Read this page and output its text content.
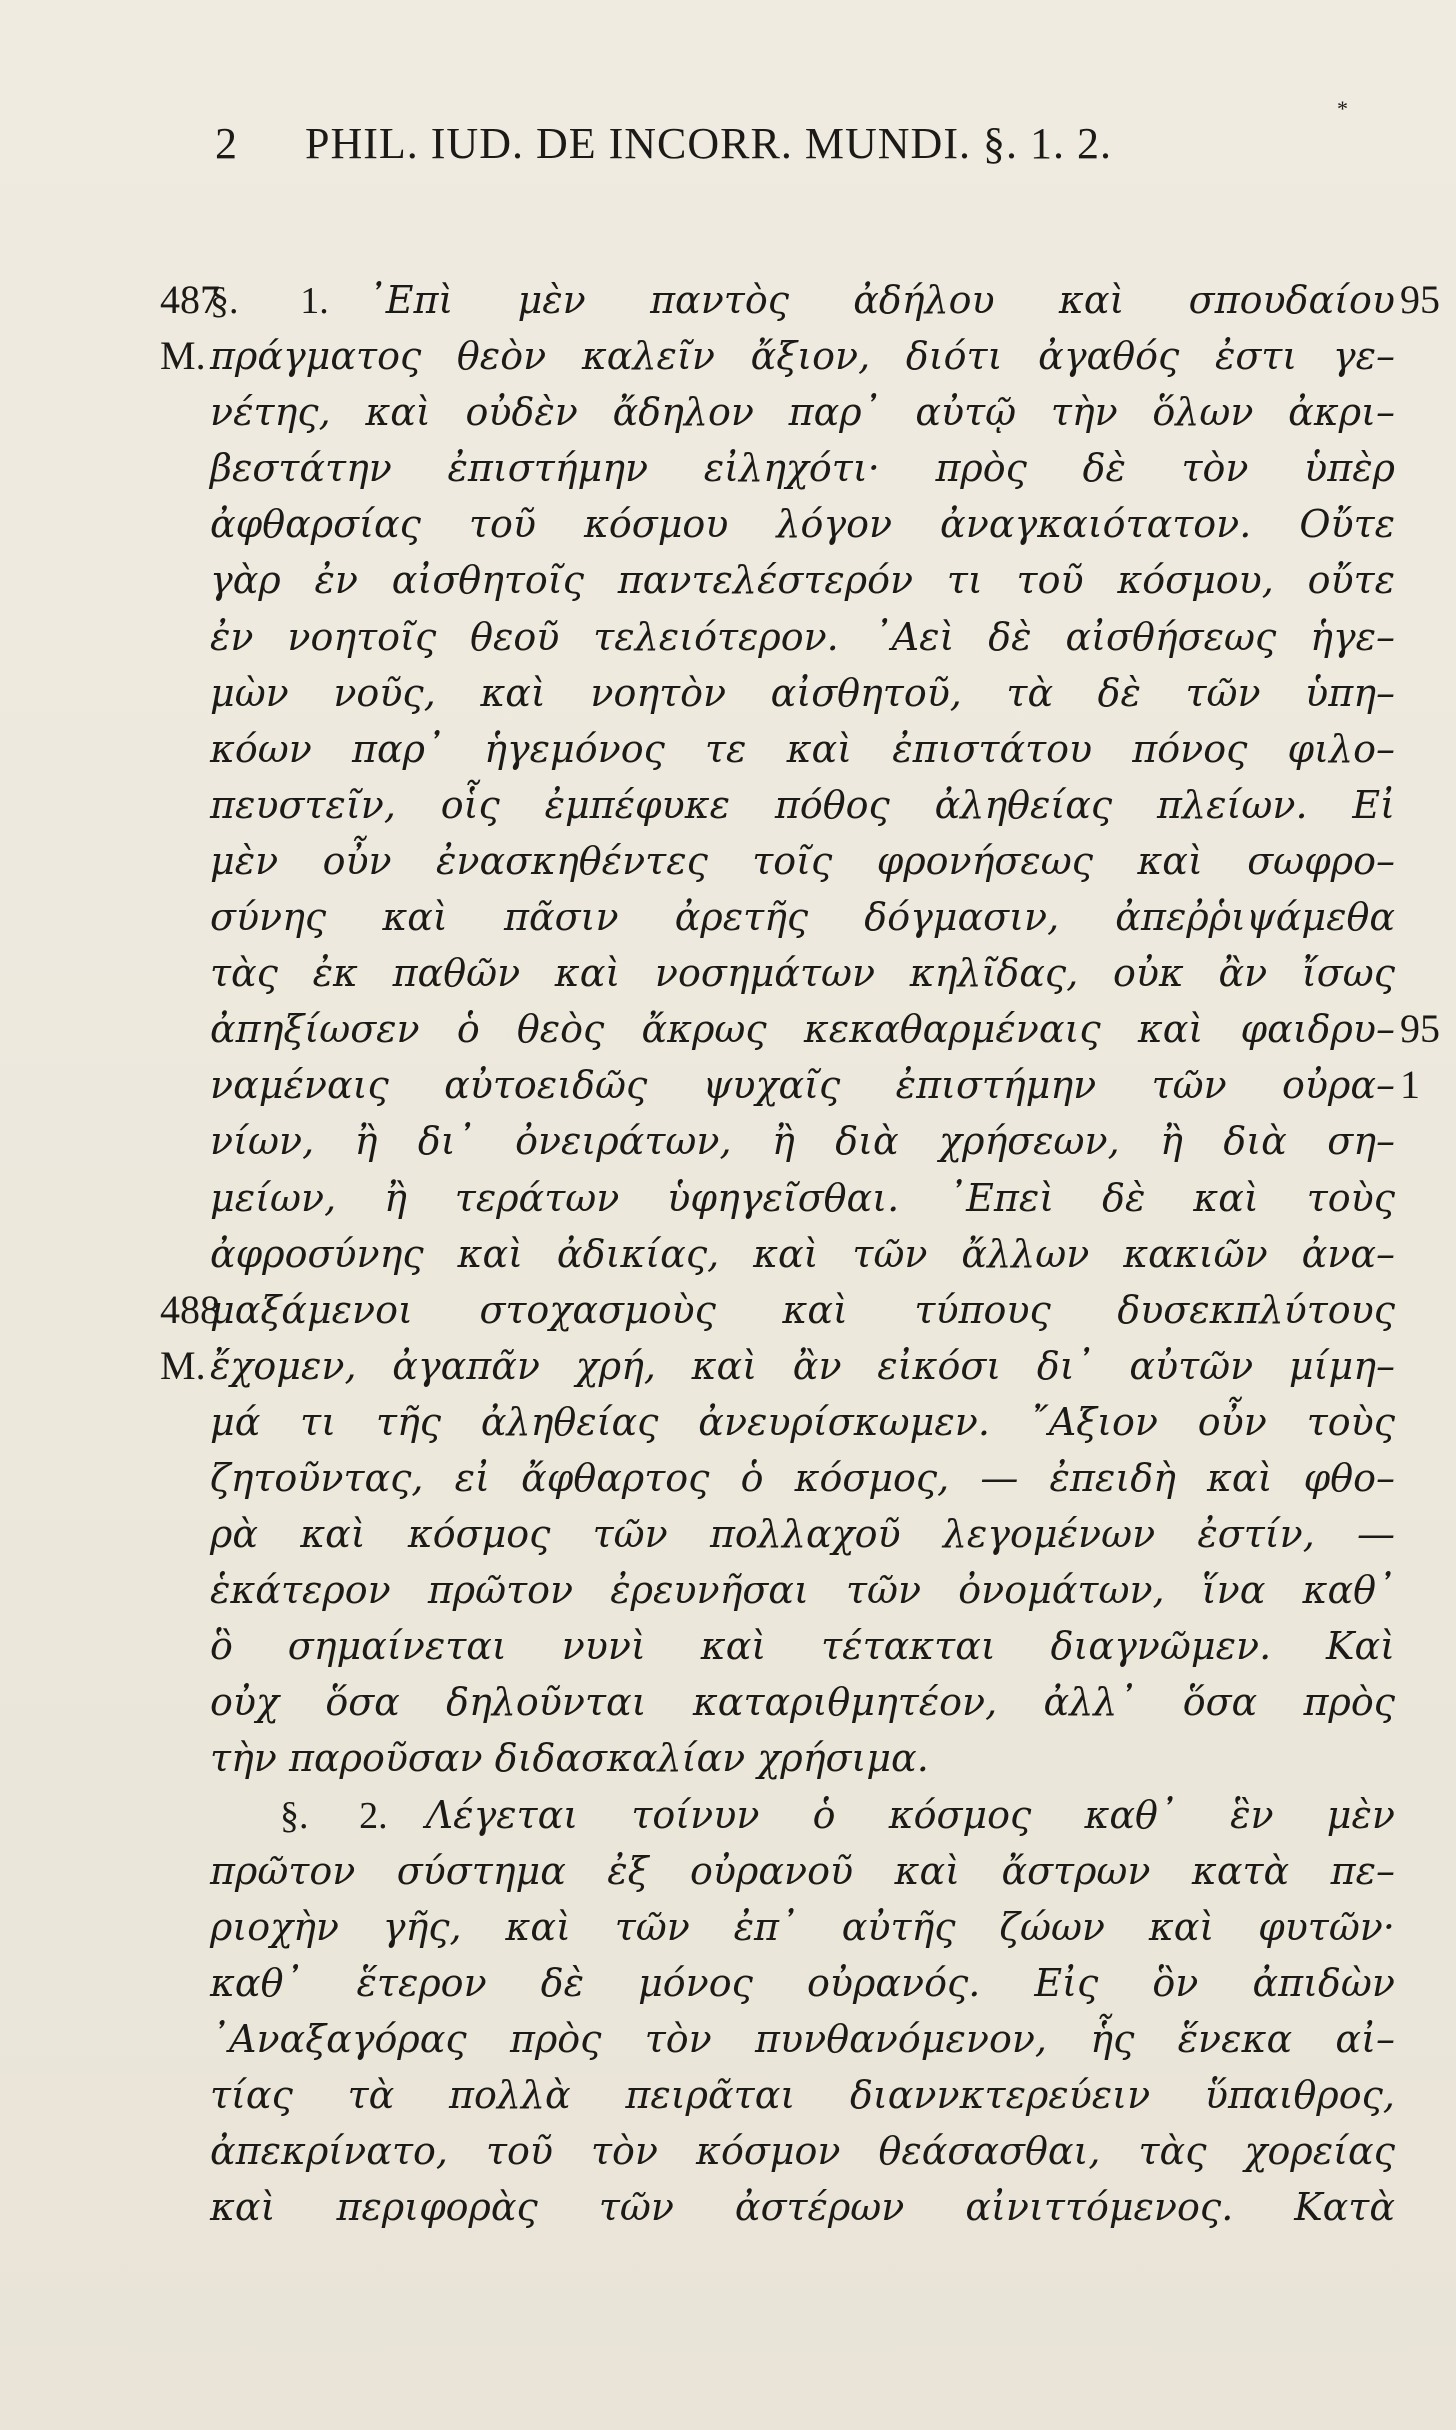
2 PHIL. IUD. DE INCORR. MUNDI. §. 1. 2.
*
487
§. 1.  ᾿Επὶ μὲν παντὸς ἀδήλου καὶ σπουδαίου 95
M. πράγματος θεὸν καλεῖν ἄξιον, διότι ἀγαθός ἐστι γε–
νέτης, καὶ οὐδὲν ἄδηλον παρ᾿ αὐτῷ τὴν ὅλων ἀκρι–
βεστάτην ἐπιστήμην εἰληχότι· πρὸς δὲ τὸν ὑπὲρ
ἀφθαρσίας τοῦ κόσμου λόγον ἀναγκαιότατον. Οὔτε
γὰρ ἐν αἰσθητοῖς παντελέστερόν τι τοῦ κόσμου, οὔτε
ἐν νοητοῖς θεοῦ τελειότερον. ᾿Αεὶ δὲ αἰσθήσεως ἡγε–
μὼν νοῦς, καὶ νοητὸν αἰσθητοῦ, τὰ δὲ τῶν ὑπη–
κόων παρ᾿ ἡγεμόνος τε καὶ ἐπιστάτου πόνος φιλο–
πευστεῖν, οἷς ἐμπέφυκε πόθος ἀληθείας πλείων. Εἰ
μὲν οὖν ἐνασκηθέντες τοῖς φρονήσεως καὶ σωφρο–
σύνης καὶ πᾶσιν ἀρετῆς δόγμασιν, ἀπεῤῥιψάμεθα
τὰς ἐκ παθῶν καὶ νοσημάτων κηλῖδας, οὐκ ἂν ἴσως
ἀπηξίωσεν ὁ θεὸς ἄκρως κεκαθαρμέναις καὶ φαιδρυ– 95
ναμέναις αὐτοειδῶς ψυχαῖς ἐπιστήμην τῶν οὐρα– 1
νίων, ἢ δι᾿ ὀνειράτων, ἢ διὰ χρήσεων, ἢ διὰ ση–
μείων, ἢ τεράτων ὑφηγεῖσθαι. ᾿Επεὶ δὲ καὶ τοὺς
ἀφροσύνης καὶ ἀδικίας, καὶ τῶν ἄλλων κακιῶν ἀνα–
488
μαξάμενοι στοχασμοὺς καὶ τύπους δυσεκπλύτους
M. ἔχομεν, ἀγαπᾶν χρή, καὶ ἂν εἰκόσι δι᾿ αὐτῶν μίμη–
μά τι τῆς ἀληθείας ἀνευρίσκωμεν. ῎Αξιον οὖν τοὺς
ζητοῦντας, εἰ ἄφθαρτος ὁ κόσμος, — ἐπειδὴ καὶ φθο–
ρὰ καὶ κόσμος τῶν πολλαχοῦ λεγομένων ἐστίν, —
ἑκάτερον πρῶτον ἐρευνῆσαι τῶν ὀνομάτων, ἵνα καθ᾿
ὃ σημαίνεται νυνὶ καὶ τέτακται διαγνῶμεν. Καὶ
οὐχ ὅσα δηλοῦνται καταριθμητέον, ἀλλ᾿ ὅσα πρὸς
τὴν παροῦσαν διδασκαλίαν χρήσιμα.
§. 2.  Λέγεται τοίνυν ὁ κόσμος καθ᾿ ἓν μὲν
πρῶτον σύστημα ἐξ οὐρανοῦ καὶ ἄστρων κατὰ πε–
ριοχὴν γῆς, καὶ τῶν ἐπ᾿ αὐτῆς ζώων καὶ φυτῶν·
καθ᾿ ἕτερον δὲ μόνος οὐρανός. Εἰς ὃν ἀπιδὼν
᾿Αναξαγόρας πρὸς τὸν πυνθανόμενον, ἧς ἕνεκα αἰ–
τίας τὰ πολλὰ πειρᾶται διαννκτερεύειν ὕπαιθρος,
ἀπεκρίνατο, τοῦ τὸν κόσμον θεάσασθαι, τὰς χορείας
καὶ περιφορὰς τῶν ἀστέρων αἰνιττόμενος. Κατὰ
